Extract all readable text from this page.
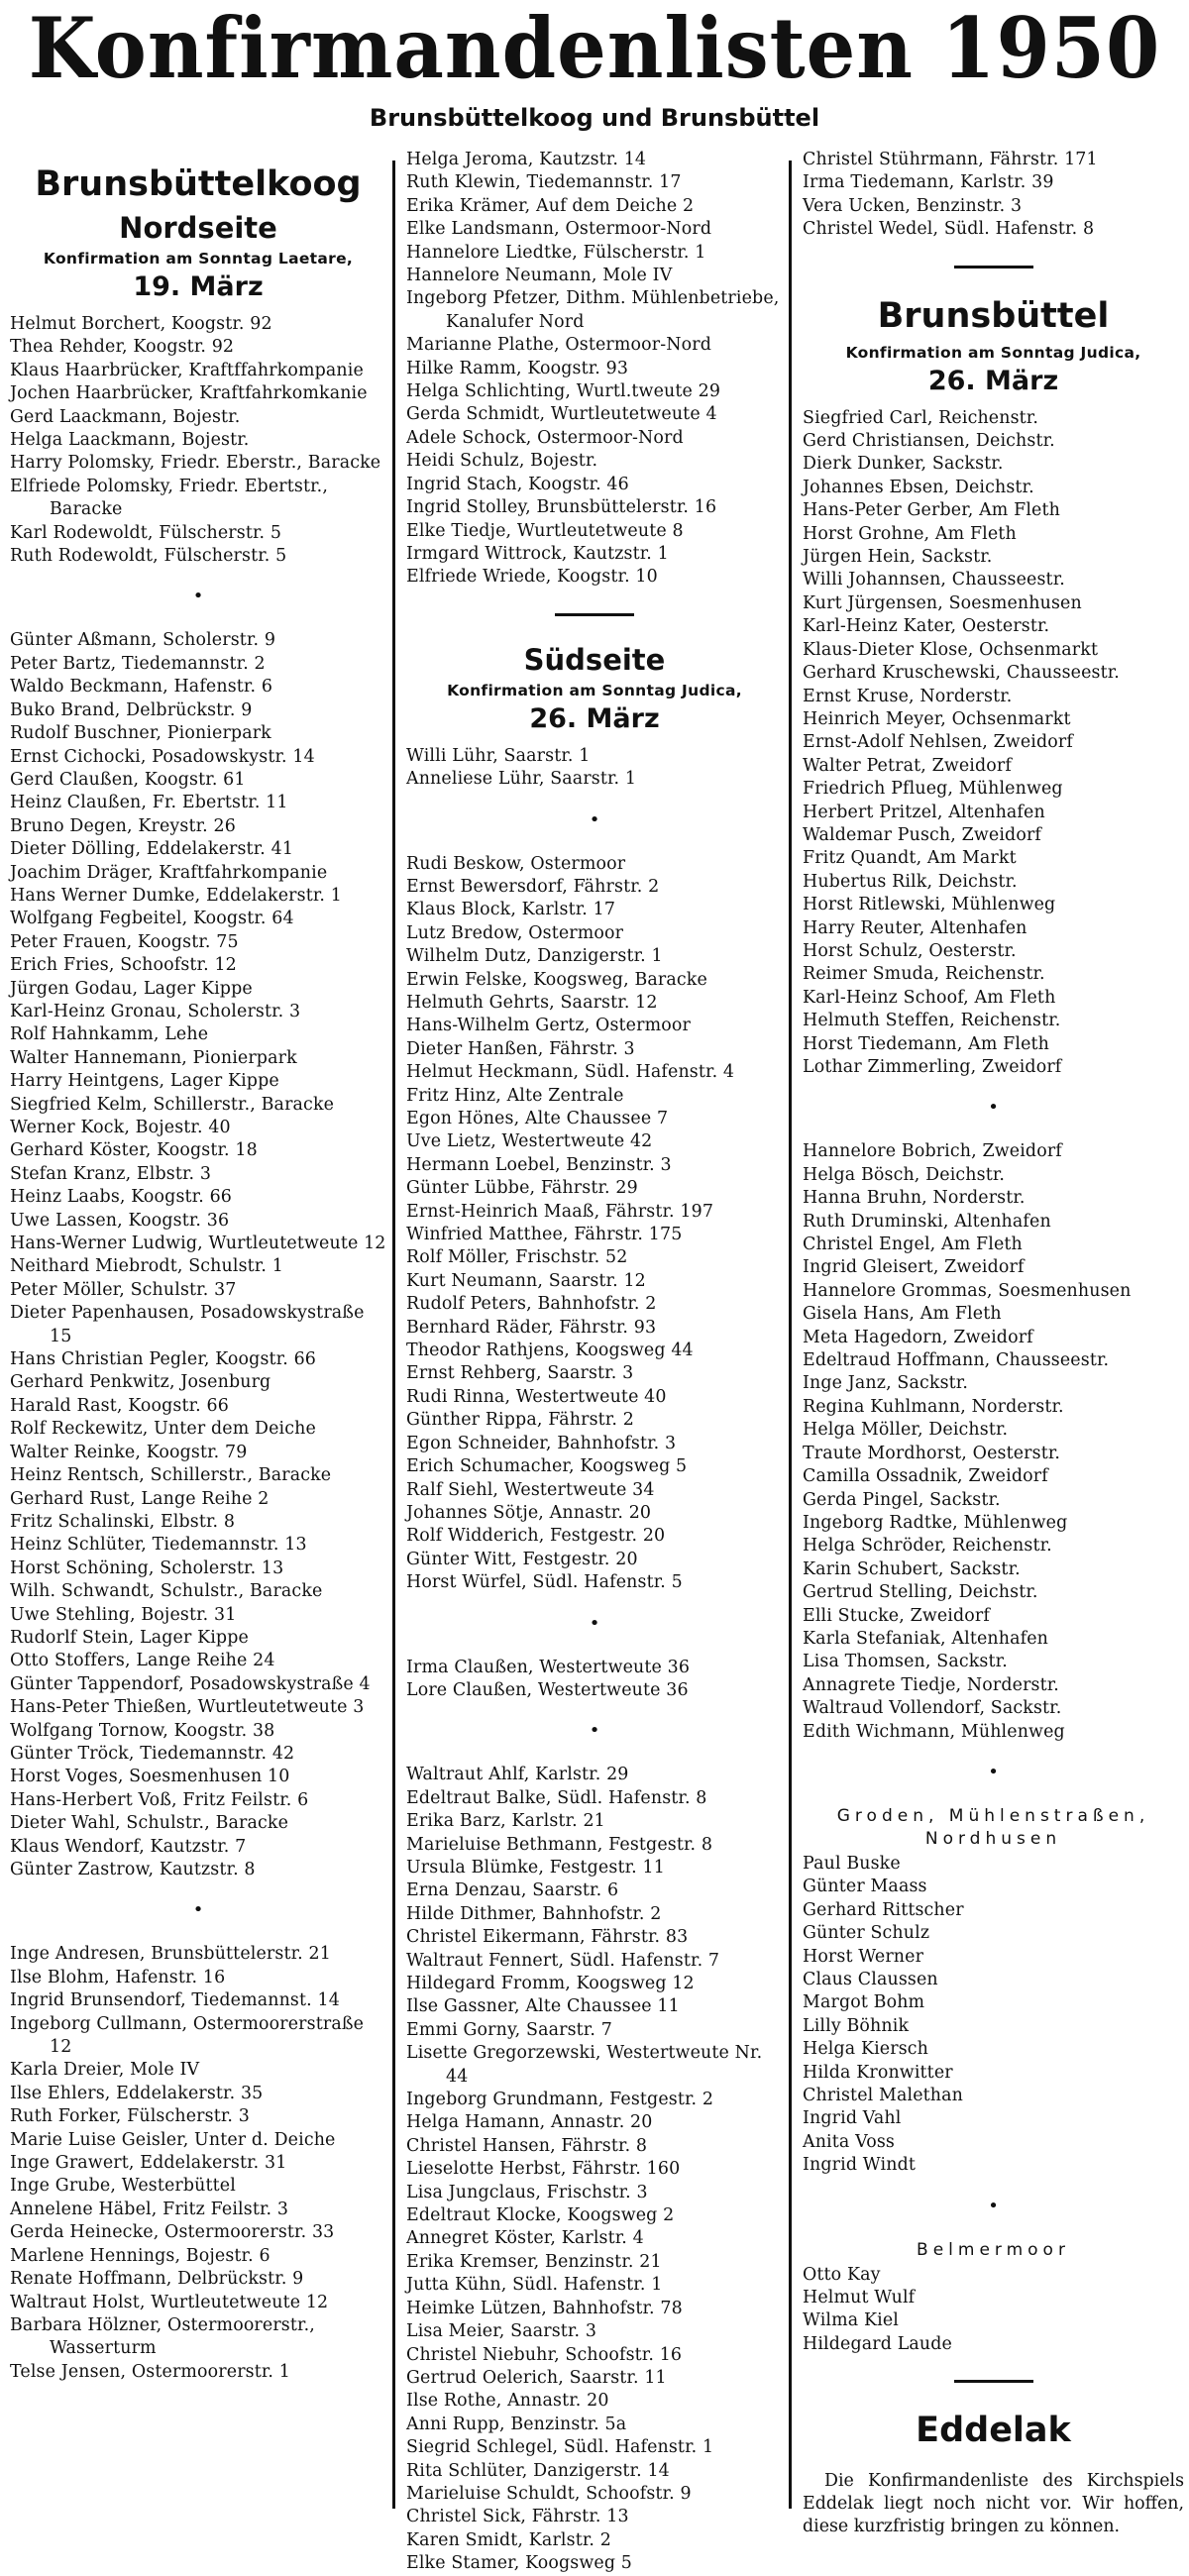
Konfirmandenlisten 1950
Brunsbüttelkoog und Brunsbüttel
Brunsbüttelkoog
Nordseite
Konfirmation am Sonntag Laetare,
19. März
Helmut Borchert, Koogstr. 92
Thea Rehder, Koogstr. 92
Klaus Haarbrücker, Kraftffahrkompanie
Jochen Haarbrücker, Kraftfahrkomkanie
Gerd Laackmann, Bojestr.
Helga Laackmann, Bojestr.
Harry Polomsky, Friedr. Eberstr., Baracke
Elfriede Polomsky, Friedr. Ebertstr., Baracke
Karl Rodewoldt, Fülscherstr. 5
Ruth Rodewoldt, Fülscherstr. 5
•
Günter Aßmann, Scholerstr. 9
Peter Bartz, Tiedemannstr. 2
Waldo Beckmann, Hafenstr. 6
Buko Brand, Delbrückstr. 9
Rudolf Buschner, Pionierpark
Ernst Cichocki, Posadowskystr. 14
Gerd Claußen, Koogstr. 61
Heinz Claußen, Fr. Ebertstr. 11
Bruno Degen, Kreystr. 26
Dieter Dölling, Eddelakerstr. 41
Joachim Dräger, Kraftfahrkompanie
Hans Werner Dumke, Eddelakerstr. 1
Wolfgang Fegbeitel, Koogstr. 64
Peter Frauen, Koogstr. 75
Erich Fries, Schoofstr. 12
Jürgen Godau, Lager Kippe
Karl-Heinz Gronau, Scholerstr. 3
Rolf Hahnkamm, Lehe
Walter Hannemann, Pionierpark
Harry Heintgens, Lager Kippe
Siegfried Kelm, Schillerstr., Baracke
Werner Kock, Bojestr. 40
Gerhard Köster, Koogstr. 18
Stefan Kranz, Elbstr. 3
Heinz Laabs, Koogstr. 66
Uwe Lassen, Koogstr. 36
Hans-Werner Ludwig, Wurtleutetweute 12
Neithard Miebrodt, Schulstr. 1
Peter Möller, Schulstr. 37
Dieter Papenhausen, Posadowskystraße 15
Hans Christian Pegler, Koogstr. 66
Gerhard Penkwitz, Josenburg
Harald Rast, Koogstr. 66
Rolf Reckewitz, Unter dem Deiche
Walter Reinke, Koogstr. 79
Heinz Rentsch, Schillerstr., Baracke
Gerhard Rust, Lange Reihe 2
Fritz Schalinski, Elbstr. 8
Heinz Schlüter, Tiedemannstr. 13
Horst Schöning, Scholerstr. 13
Wilh. Schwandt, Schulstr., Baracke
Uwe Stehling, Bojestr. 31
Rudorlf Stein, Lager Kippe
Otto Stoffers, Lange Reihe 24
Günter Tappendorf, Posadowskystraße 4
Hans-Peter Thießen, Wurtleutetweute 3
Wolfgang Tornow, Koogstr. 38
Günter Tröck, Tiedemannstr. 42
Horst Voges, Soesmenhusen 10
Hans-Herbert Voß, Fritz Feilstr. 6
Dieter Wahl, Schulstr., Baracke
Klaus Wendorf, Kautzstr. 7
Günter Zastrow, Kautzstr. 8
•
Inge Andresen, Brunsbüttelerstr. 21
Ilse Blohm, Hafenstr. 16
Ingrid Brunsendorf, Tiedemannst. 14
Ingeborg Cullmann, Ostermoorerstraße 12
Karla Dreier, Mole IV
Ilse Ehlers, Eddelakerstr. 35
Ruth Forker, Fülscherstr. 3
Marie Luise Geisler, Unter d. Deiche
Inge Grawert, Eddelakerstr. 31
Inge Grube, Westerbüttel
Annelene Häbel, Fritz Feilstr. 3
Gerda Heinecke, Ostermoorerstr. 33
Marlene Hennings, Bojestr. 6
Renate Hoffmann, Delbrückstr. 9
Waltraut Holst, Wurtleutetweute 12
Barbara Hölzner, Ostermoorerstr., Wasserturm
Telse Jensen, Ostermoorerstr. 1
Helga Jeroma, Kautzstr. 14
Ruth Klewin, Tiedemannstr. 17
Erika Krämer, Auf dem Deiche 2
Elke Landsmann, Ostermoor-Nord
Hannelore Liedtke, Fülscherstr. 1
Hannelore Neumann, Mole IV
Ingeborg Pfetzer, Dithm. Mühlenbetriebe, Kanalufer Nord
Marianne Plathe, Ostermoor-Nord
Hilke Ramm, Koogstr. 93
Helga Schlichting, Wurtl.tweute 29
Gerda Schmidt, Wurtleutetweute 4
Adele Schock, Ostermoor-Nord
Heidi Schulz, Bojestr.
Ingrid Stach, Koogstr. 46
Ingrid Stolley, Brunsbüttelerstr. 16
Elke Tiedje, Wurtleutetweute 8
Irmgard Wittrock, Kautzstr. 1
Elfriede Wriede, Koogstr. 10
Südseite
Konfirmation am Sonntag Judica,
26. März
Willi Lühr, Saarstr. 1
Anneliese Lühr, Saarstr. 1
•
Rudi Beskow, Ostermoor
Ernst Bewersdorf, Fährstr. 2
Klaus Block, Karlstr. 17
Lutz Bredow, Ostermoor
Wilhelm Dutz, Danzigerstr. 1
Erwin Felske, Koogsweg, Baracke
Helmuth Gehrts, Saarstr. 12
Hans-Wilhelm Gertz, Ostermoor
Dieter Hanßen, Fährstr. 3
Helmut Heckmann, Südl. Hafenstr. 4
Fritz Hinz, Alte Zentrale
Egon Hönes, Alte Chaussee 7
Uve Lietz, Westertweute 42
Hermann Loebel, Benzinstr. 3
Günter Lübbe, Fährstr. 29
Ernst-Heinrich Maaß, Fährstr. 197
Winfried Matthee, Fährstr. 175
Rolf Möller, Frischstr. 52
Kurt Neumann, Saarstr. 12
Rudolf Peters, Bahnhofstr. 2
Bernhard Räder, Fährstr. 93
Theodor Rathjens, Koogsweg 44
Ernst Rehberg, Saarstr. 3
Rudi Rinna, Westertweute 40
Günther Rippa, Fährstr. 2
Egon Schneider, Bahnhofstr. 3
Erich Schumacher, Koogsweg 5
Ralf Siehl, Westertweute 34
Johannes Sötje, Annastr. 20
Rolf Widderich, Festgestr. 20
Günter Witt, Festgestr. 20
Horst Würfel, Südl. Hafenstr. 5
•
Irma Claußen, Westertweute 36
Lore Claußen, Westertweute 36
•
Waltraut Ahlf, Karlstr. 29
Edeltraut Balke, Südl. Hafenstr. 8
Erika Barz, Karlstr. 21
Marieluise Bethmann, Festgestr. 8
Ursula Blümke, Festgestr. 11
Erna Denzau, Saarstr. 6
Hilde Dithmer, Bahnhofstr. 2
Christel Eikermann, Fährstr. 83
Waltraut Fennert, Südl. Hafenstr. 7
Hildegard Fromm, Koogsweg 12
Ilse Gassner, Alte Chaussee 11
Emmi Gorny, Saarstr. 7
Lisette Gregorzewski, Westertweute Nr. 44
Ingeborg Grundmann, Festgestr. 2
Helga Hamann, Annastr. 20
Christel Hansen, Fährstr. 8
Lieselotte Herbst, Fährstr. 160
Lisa Jungclaus, Frischstr. 3
Edeltraut Klocke, Koogsweg 2
Annegret Köster, Karlstr. 4
Erika Kremser, Benzinstr. 21
Jutta Kühn, Südl. Hafenstr. 1
Heimke Lützen, Bahnhofstr. 78
Lisa Meier, Saarstr. 3
Christel Niebuhr, Schoofstr. 16
Gertrud Oelerich, Saarstr. 11
Ilse Rothe, Annastr. 20
Anni Rupp, Benzinstr. 5a
Siegrid Schlegel, Südl. Hafenstr. 1
Rita Schlüter, Danzigerstr. 14
Marieluise Schuldt, Schoofstr. 9
Christel Sick, Fährstr. 13
Karen Smidt, Karlstr. 2
Elke Stamer, Koogsweg 5
Christel Stührmann, Fährstr. 171
Irma Tiedemann, Karlstr. 39
Vera Ucken, Benzinstr. 3
Christel Wedel, Südl. Hafenstr. 8
Brunsbüttel
Konfirmation am Sonntag Judica,
26. März
Siegfried Carl, Reichenstr.
Gerd Christiansen, Deichstr.
Dierk Dunker, Sackstr.
Johannes Ebsen, Deichstr.
Hans-Peter Gerber, Am Fleth
Horst Grohne, Am Fleth
Jürgen Hein, Sackstr.
Willi Johannsen, Chausseestr.
Kurt Jürgensen, Soesmenhusen
Karl-Heinz Kater, Oesterstr.
Klaus-Dieter Klose, Ochsenmarkt
Gerhard Kruschewski, Chausseestr.
Ernst Kruse, Norderstr.
Heinrich Meyer, Ochsenmarkt
Ernst-Adolf Nehlsen, Zweidorf
Walter Petrat, Zweidorf
Friedrich Pflueg, Mühlenweg
Herbert Pritzel, Altenhafen
Waldemar Pusch, Zweidorf
Fritz Quandt, Am Markt
Hubertus Rilk, Deichstr.
Horst Ritlewski, Mühlenweg
Harry Reuter, Altenhafen
Horst Schulz, Oesterstr.
Reimer Smuda, Reichenstr.
Karl-Heinz Schoof, Am Fleth
Helmuth Steffen, Reichenstr.
Horst Tiedemann, Am Fleth
Lothar Zimmerling, Zweidorf
•
Hannelore Bobrich, Zweidorf
Helga Bösch, Deichstr.
Hanna Bruhn, Norderstr.
Ruth Druminski, Altenhafen
Christel Engel, Am Fleth
Ingrid Gleisert, Zweidorf
Hannelore Grommas, Soesmenhusen
Gisela Hans, Am Fleth
Meta Hagedorn, Zweidorf
Edeltraud Hoffmann, Chausseestr.
Inge Janz, Sackstr.
Regina Kuhlmann, Norderstr.
Helga Möller, Deichstr.
Traute Mordhorst, Oesterstr.
Camilla Ossadnik, Zweidorf
Gerda Pingel, Sackstr.
Ingeborg Radtke, Mühlenweg
Helga Schröder, Reichenstr.
Karin Schubert, Sackstr.
Gertrud Stelling, Deichstr.
Elli Stucke, Zweidorf
Karla Stefaniak, Altenhafen
Lisa Thomsen, Sackstr.
Annagrete Tiedje, Norderstr.
Waltraud Vollendorf, Sackstr.
Edith Wichmann, Mühlenweg
•
Groden, Mühlenstraßen, Nordhusen
Paul Buske
Günter Maass
Gerhard Rittscher
Günter Schulz
Horst Werner
Claus Claussen
Margot Bohm
Lilly Böhnik
Helga Kiersch
Hilda Kronwitter
Christel Malethan
Ingrid Vahl
Anita Voss
Ingrid Windt
•
Belmermoor
Otto Kay
Helmut Wulf
Wilma Kiel
Hildegard Laude
Eddelak

Die Konfirmandenliste des Kirchspiels Eddelak liegt noch nicht vor. Wir hoffen, diese kurzfristig bringen zu können.
